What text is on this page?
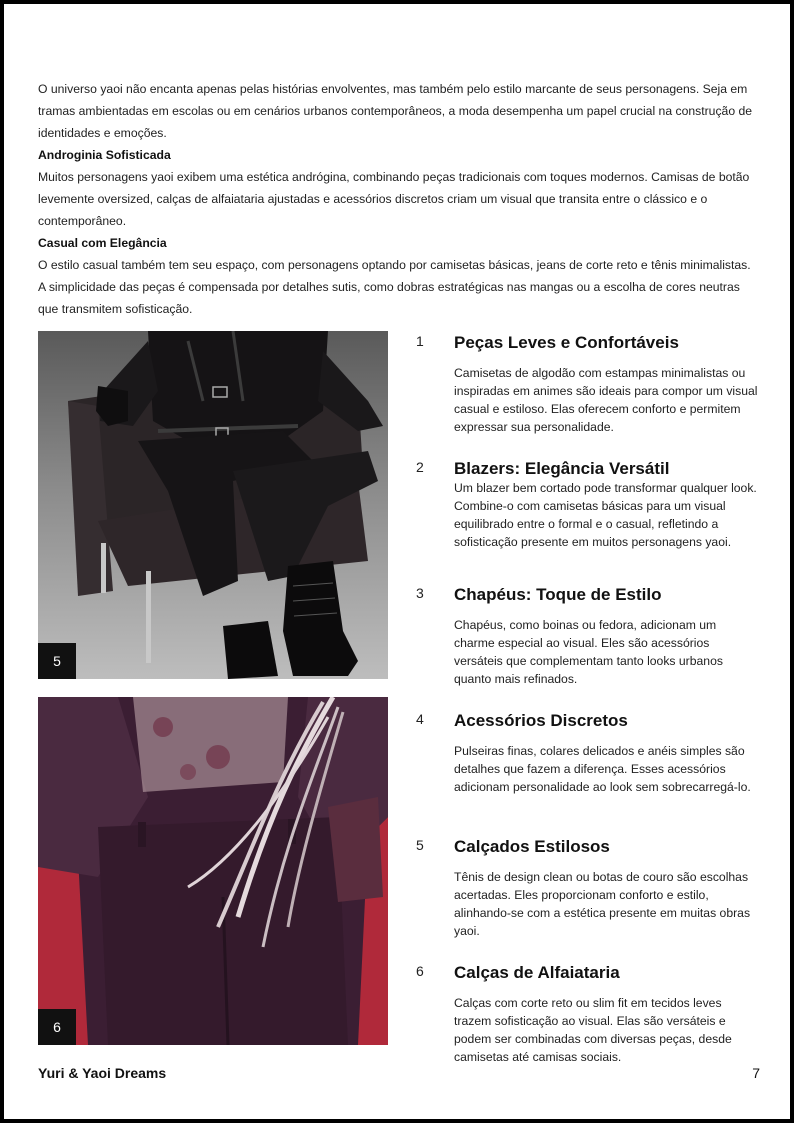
O universo yaoi não encanta apenas pelas histórias envolventes, mas também pelo estilo marcante de seus personagens. Seja em tramas ambientadas em escolas ou em cenários urbanos contemporâneos, a moda desempenha um papel crucial na construção de identidades e emoções.

Androginia Sofisticada

Muitos personagens yaoi exibem uma estética andrógina, combinando peças tradicionais com toques modernos. Camisas de botão levemente oversized, calças de alfaiataria ajustadas e acessórios discretos criam um visual que transita entre o clássico e o contemporâneo.

Casual com Elegância

O estilo casual também tem seu espaço, com personagens optando por camisetas básicas, jeans de corte reto e tênis minimalistas. A simplicidade das peças é compensada por detalhes sutis, como dobras estratégicas nas mangas ou a escolha de cores neutras que transmitem sofisticação.

5
6
1 Peças Leves e Confortáveis
Camisetas de algodão com estampas minimalistas ou inspiradas em animes são ideais para compor um visual casual e estiloso. Elas oferecem conforto e permitem expressar sua personalidade.
2 Blazers: Elegância Versátil
Um blazer bem cortado pode transformar qualquer look. Combine-o com camisetas básicas para um visual equilibrado entre o formal e o casual, refletindo a sofisticação presente em muitos personagens yaoi.
3 Chapéus: Toque de Estilo
Chapéus, como boinas ou fedora, adicionam um charme especial ao visual. Eles são acessórios versáteis que complementam tanto looks urbanos quanto mais refinados.
4 Acessórios Discretos
Pulseiras finas, colares delicados e anéis simples são detalhes que fazem a diferença. Esses acessórios adicionam personalidade ao look sem sobrecarregá-lo.
5 Calçados Estilosos
Tênis de design clean ou botas de couro são escolhas acertadas. Eles proporcionam conforto e estilo, alinhando-se com a estética presente em muitas obras yaoi.
6 Calças de Alfaiataria
Calças com corte reto ou slim fit em tecidos leves trazem sofisticação ao visual. Elas são versáteis e podem ser combinadas com diversas peças, desde camisetas até camisas sociais.
Yuri & Yaoi Dreams	7
